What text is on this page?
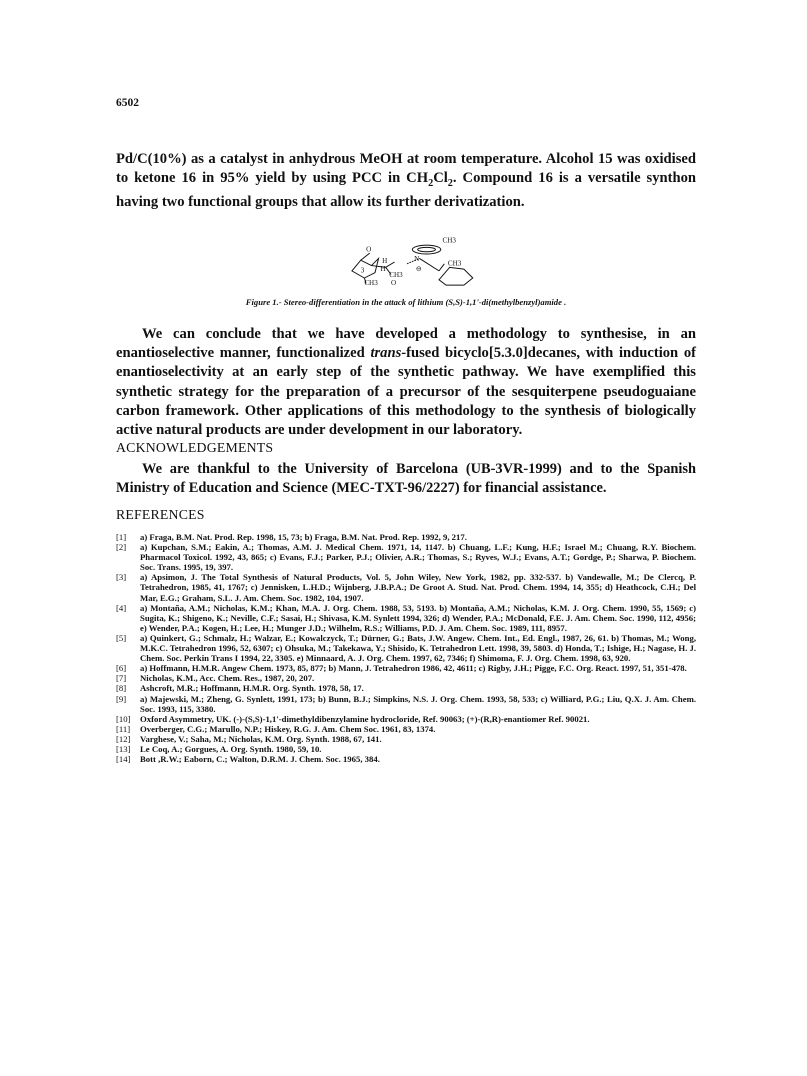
6502

Pd/C(10%) as a catalyst in anhydrous MeOH at room temperature. Alcohol 15 was oxidised to ketone 16 in 95% yield by using PCC in $CH_2Cl_2$. Compound 16 is a versatile synthon having two functional groups that allow its further derivatization.

O
H
H
CH3
3
CH3 O
N
⊖
CH3
CH3
Figure 1.- Stereo-differentiation in the attack of lithium (S,S)-1,1'-di(methylbenzyl)amide .

We can conclude that we have developed a methodology to synthesise, in an enantioselective manner, functionalized trans-fused bicyclo[5.3.0]decanes, with induction of enantioselectivity at an early step of the synthetic pathway. We have exemplified this synthetic strategy for the preparation of a precursor of the sesquiterpene pseudoguaiane carbon framework. Other applications of this methodology to the synthesis of biologically active natural products are under development in our laboratory.

ACKNOWLEDGEMENTS

We are thankful to the University of Barcelona (UB-3VR-1999) and to the Spanish Ministry of Education and Science (MEC-TXT-96/2227) for financial assistance.

REFERENCES
[1]	a) Fraga, B.M. Nat. Prod. Rep. 1998, 15, 73; b) Fraga, B.M. Nat. Prod. Rep. 1992, 9, 217.
[2]	a) Kupchan, S.M.; Eakin, A.; Thomas, A.M. J. Medical Chem. 1971, 14, 1147. b) Chuang, L.F.; Kung, H.F.; Israel M.; Chuang, R.Y. Biochem. Pharmacol Toxicol. 1992, 43, 865; c) Evans, F.J.; Parker, P.J.; Olivier, A.R.; Thomas, S.; Ryves, W.J.; Evans, A.T.; Gordge, P.; Sharwa, P. Biochem. Soc. Trans. 1995, 19, 397.
[3]	a) Apsimon, J. The Total Synthesis of Natural Products, Vol. 5, John Wiley, New York, 1982, pp. 332-537. b) Vandewalle, M.; De Clercq, P. Tetrahedron, 1985, 41, 1767; c) Jennisken, L.H.D.; Wijnberg, J.B.P.A.; De Groot A. Stud. Nat. Prod. Chem. 1994, 14, 355; d) Heathcock, C.H.; Del Mar, E.G.; Graham, S.L. J. Am. Chem. Soc. 1982, 104, 1907.
[4]	a) Montaña, A.M.; Nicholas, K.M.; Khan, M.A. J. Org. Chem. 1988, 53, 5193. b) Montaña, A.M.; Nicholas, K.M. J. Org. Chem. 1990, 55, 1569; c) Sugita, K.; Shigeno, K.; Neville, C.F.; Sasai, H.; Shivasa, K.M. Synlett 1994, 326; d) Wender, P.A.; McDonald, F.E. J. Am. Chem. Soc. 1990, 112, 4956; e) Wender, P.A.; Kogen, H.; Lee, H.; Munger J.D.; Wilhelm, R.S.; Williams, P.D. J. Am. Chem. Soc. 1989, 111, 8957.
[5]	a) Quinkert, G.; Schmalz, H.; Walzar, E.; Kowalczyck, T.; Dürner, G.; Bats, J.W. Angew. Chem. Int., Ed. Engl., 1987, 26, 61. b) Thomas, M.; Wong, M.K.C. Tetrahedron 1996, 52, 6307; c) Ohsuka, M.; Takekawa, Y.; Shisido, K. Tetrahedron Lett. 1998, 39, 5803. d) Honda, T.; Ishige, H.; Nagase, H. J. Chem. Soc. Perkin Trans I 1994, 22, 3305. e) Minnaard, A. J. Org. Chem. 1997, 62, 7346; f) Shimoma, F. J. Org. Chem. 1998, 63, 920.
[6]	a) Hoffmann, H.M.R. Angew Chem. 1973, 85, 877; b) Mann, J. Tetrahedron 1986, 42, 4611; c) Rigby, J.H.; Pigge, F.C. Org. React. 1997, 51, 351-478.
[7]	Nicholas, K.M., Acc. Chem. Res., 1987, 20, 207.
[8]	Ashcroft, M.R.; Hoffmann, H.M.R. Org. Synth. 1978, 58, 17.
[9]	a) Majewski, M.; Zheng, G. Synlett, 1991, 173; b) Bunn, B.J.; Simpkins, N.S. J. Org. Chem. 1993, 58, 533; c) Williard, P.G.; Liu, Q.X. J. Am. Chem. Soc. 1993, 115, 3380.
[10]	Oxford Asymmetry, UK. (-)-(S,S)-1,1'-dimethyldibenzylamine hydrocloride, Ref. 90063; (+)-(R,R)-enantiomer Ref. 90021.
[11]	Overberger, C.G.; Marullo, N.P.; Hiskey, R.G. J. Am. Chem Soc. 1961, 83, 1374.
[12]	Varghese, V.; Saha, M.; Nicholas, K.M. Org. Synth. 1988, 67, 141.
[13]	Le Coq, A.; Gorgues, A. Org. Synth. 1980, 59, 10.
[14]	Bott ,R.W.; Eaborn, C.; Walton, D.R.M. J. Chem. Soc. 1965, 384.
